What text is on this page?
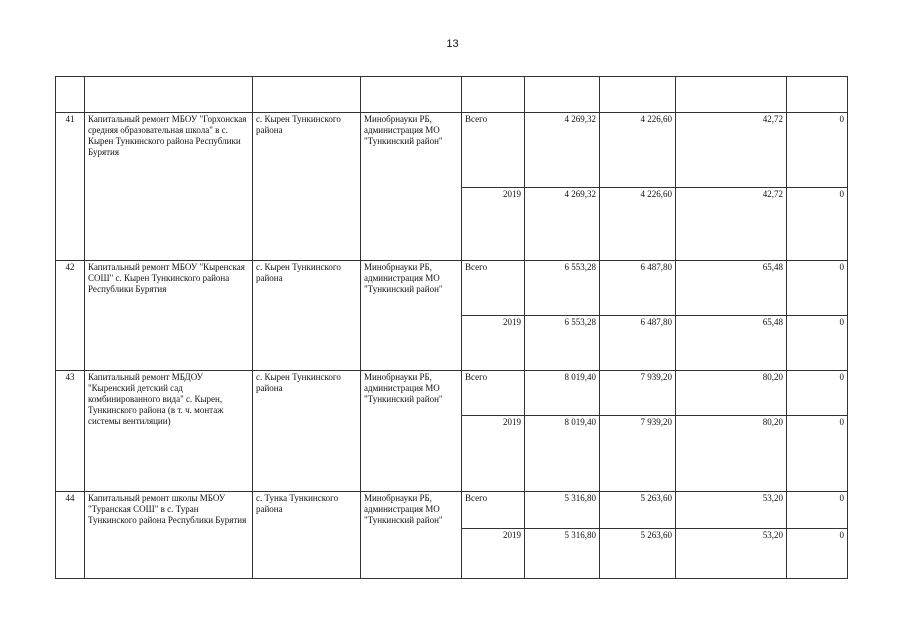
13

41	Капитальный ремонт МБОУ "Горхонская средняя образовательная школа" в с. Кырен Тункинского района Республики Бурятия	с. Кырен Тункинского района	Минобрнауки РБ, администрация МО "Тункинский район"	Всего	4 269,32	4 226,60	42,72	0
				2019	4 269,32	4 226,60	42,72	0
42	Капитальный ремонт МБОУ "Кыренская СОШ" с. Кырен Тункинского района Республики Бурятия	с. Кырен Тункинского района	Минобрнауки РБ, администрация МО "Тункинский район"	Всего	6 553,28	6 487,80	65,48	0
				2019	6 553,28	6 487,80	65,48	0
43	Капитальный ремонт МБДОУ "Кыренский детский сад комбинированного вида" с. Кырен, Тункинского района (в т. ч. монтаж системы вентиляции)	с. Кырен Тункинского района	Минобрнауки РБ, администрация МО "Тункинский район"	Всего	8 019,40	7 939,20	80,20	0
				2019	8 019,40	7 939,20	80,20	0
44	Капитальный ремонт школы МБОУ "Туранская СОШ" в с. Туран Тункинского района Республики Бурятия	с. Тунка Тункинского района	Минобрнауки РБ, администрация МО "Тункинский район"	Всего	5 316,80	5 263,60	53,20	0
				2019	5 316,80	5 263,60	53,20	0
